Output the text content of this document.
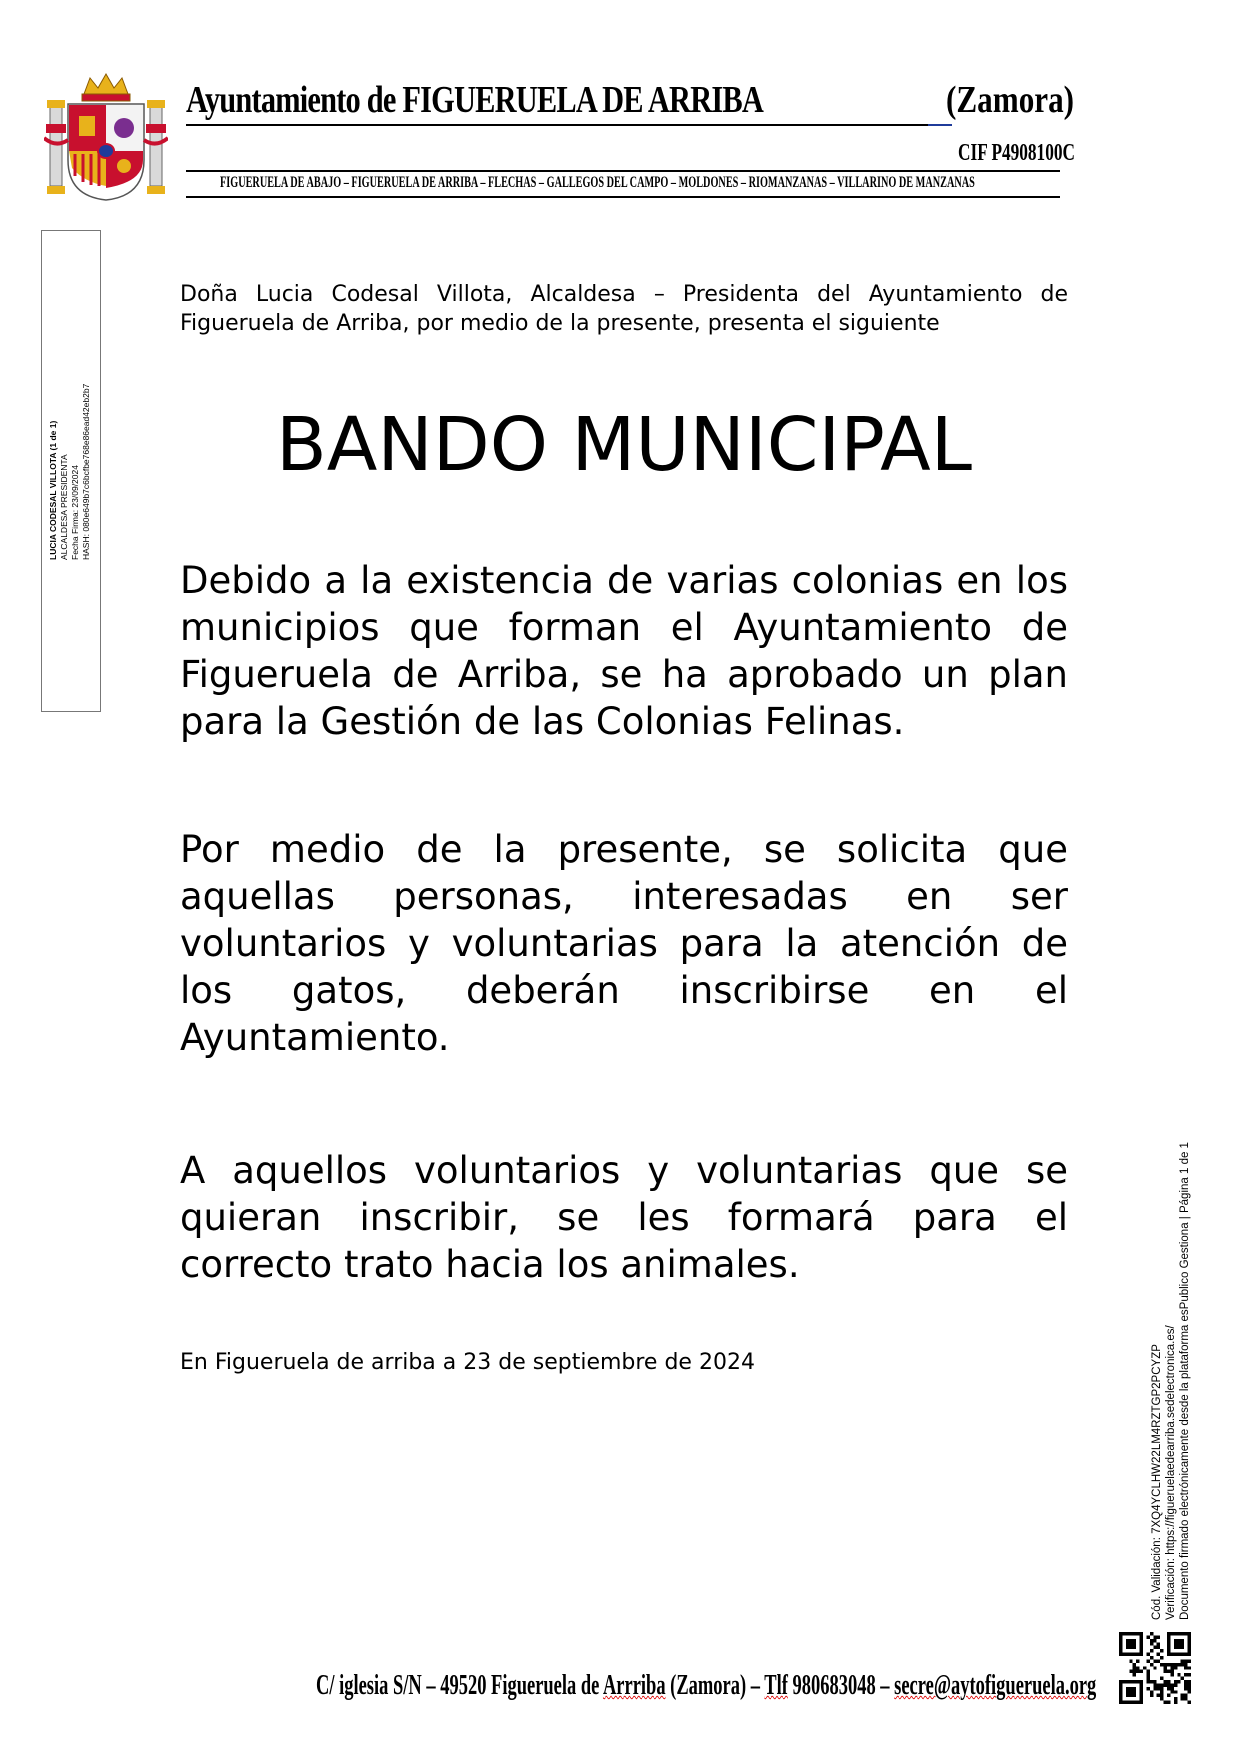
Ayuntamiento de FIGUERUELA DE ARRIBA	(Zamora)
CIF P4908100C
FIGUERUELA DE ABAJO – FIGUERUELA DE ARRIBA – FLECHAS – GALLEGOS DEL CAMPO – MOLDONES – RIOMANZANAS – VILLARINO DE MANZANAS
LUCIA CODESAL VILLOTA (1 de 1) ALCALDESA PRESIDENTA Fecha Firma: 23/09/2024 HASH: 080e649b7c6bcfbe768e86ead42eb2b7
Doña Lucia Codesal Villota, Alcaldesa – Presidenta del Ayuntamiento de Figueruela de Arriba, por medio de la presente, presenta el siguiente
BANDO MUNICIPAL
Debido a la existencia de varias colonias en los municipios que forman el Ayuntamiento de Figueruela de Arriba, se ha aprobado un plan para la Gestión de las Colonias Felinas.
Por medio de la presente, se solicita que aquellas personas, interesadas en ser voluntarios y voluntarias para la atención de los gatos, deberán inscribirse en el Ayuntamiento.
A aquellos voluntarios y voluntarias que se quieran inscribir, se les formará para el correcto trato hacia los animales.
En Figueruela de arriba a 23 de septiembre de 2024	Cód. Validación: 7XQ4YCLHW22LM4RZTGP2PCYZP Verificación: https://figueruelaedearriba.sedelectronica.es/ Documento firmado electrónicamente desde la plataforma esPublico Gestiona | Página 1 de 1
C/ iglesia S/N – 49520 Figueruela de Arrriba (Zamora) – Tlf 980683048 – secre@aytofigueruela.org
